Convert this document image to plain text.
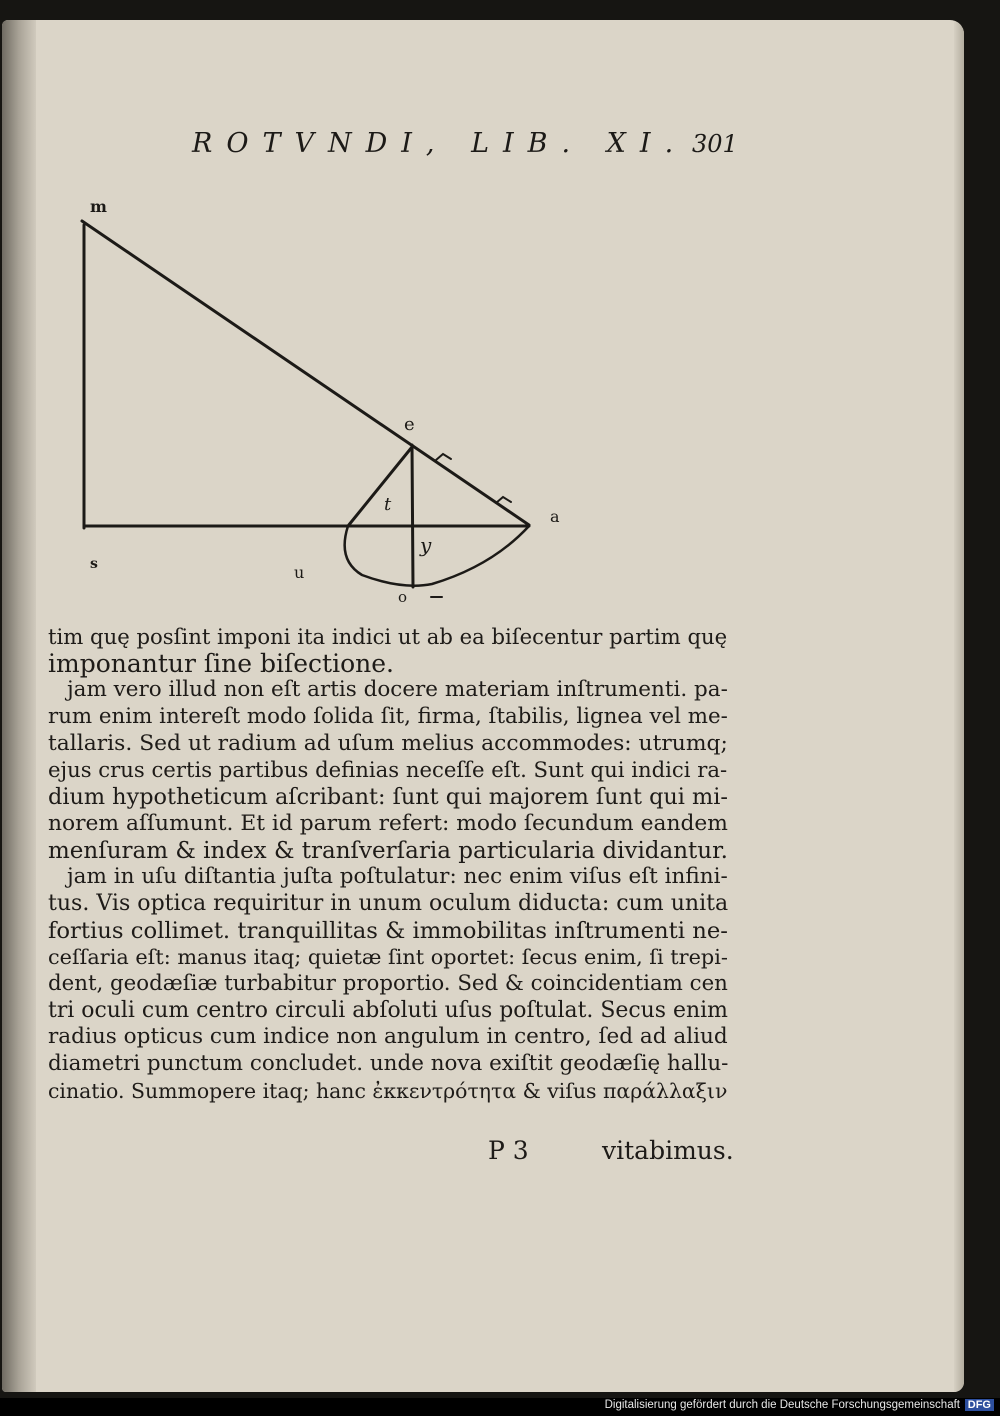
ROTVNDI, LIB. XI. 301
m
e
t
a
s
y
u
o
tim quę posſint imponi ita indici ut ab ea biſecentur partim quę
imponantur ſine biſectione.
jam vero illud non eſt artis docere materiam inſtrumenti. pa-
rum enim intereſt modo ſolida ſit, firma, ſtabilis, lignea vel me-
tallaris. Sed ut radium ad uſum melius accommodes: utrumq;
ejus crus certis partibus definias neceſſe eſt. Sunt qui indici ra-
dium hypotheticum aſcribant: ſunt qui majorem ſunt qui mi-
norem aſſumunt. Et id parum refert: modo ſecundum eandem
menſuram & index & tranſverſaria particularia dividantur.
jam in uſu diſtantia juſta poſtulatur: nec enim viſus eſt infini-
tus. Vis optica requiritur in unum oculum diducta: cum unita
fortius collimet. tranquillitas & immobilitas inſtrumenti ne-
ceſſaria eſt: manus itaq; quietæ ſint oportet: ſecus enim, ſi trepi-
dent, geodæſiæ turbabitur proportio. Sed & coincidentiam cen
tri oculi cum centro circuli abſoluti uſus poſtulat. Secus enim
radius opticus cum indice non angulum in centro, ſed ad aliud
diametri punctum concludet. unde nova exiſtit geodæſię hallu-
cinatio. Summopere itaq; hanc ἐκκεντρότητα & viſus παράλλαξιν
P 3	vitabimus.
Digitalisierung gefördert durch die Deutsche Forschungsgemeinschaft DFG
